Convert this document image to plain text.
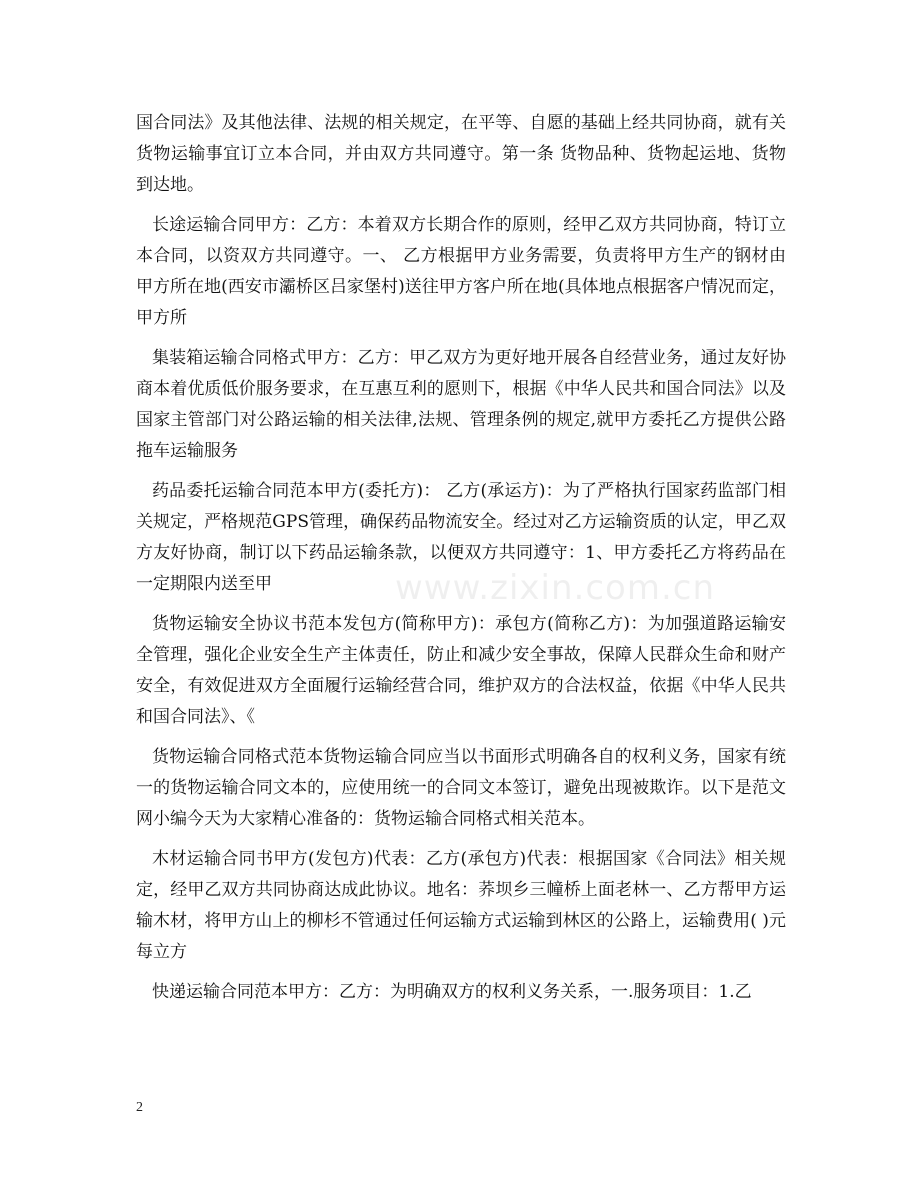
国合同法》及其他法律、法规的相关规定，在平等、自愿的基础上经共同协商，就有关货物运输事宜订立本合同，并由双方共同遵守。第一条 货物品种、货物起运地、货物到达地。

长途运输合同甲方：乙方：本着双方长期合作的原则，经甲乙双方共同协商，特订立本合同，以资双方共同遵守。一、 乙方根据甲方业务需要，负责将甲方生产的钢材由甲方所在地(西安市灞桥区吕家堡村)送往甲方客户所在地(具体地点根据客户情况而定，甲方所

集装箱运输合同格式甲方：乙方：甲乙双方为更好地开展各自经营业务，通过友好协商本着优质低价服务要求，在互惠互利的愿则下，根据《中华人民共和国合同法》以及国家主管部门对公路运输的相关法律,法规、管理条例的规定,就甲方委托乙方提供公路拖车运输服务

药品委托运输合同范本甲方(委托方)： 乙方(承运方)：为了严格执行国家药监部门相关规定，严格规范GPS管理，确保药品物流安全。经过对乙方运输资质的认定，甲乙双方友好协商，制订以下药品运输条款，以便双方共同遵守：1、甲方委托乙方将药品在一定期限内送至甲

货物运输安全协议书范本发包方(简称甲方)：承包方(简称乙方)：为加强道路运输安全管理，强化企业安全生产主体责任，防止和减少安全事故，保障人民群众生命和财产安全，有效促进双方全面履行运输经营合同，维护双方的合法权益，依据《中华人民共和国合同法》、《

货物运输合同格式范本货物运输合同应当以书面形式明确各自的权利义务，国家有统一的货物运输合同文本的，应使用统一的合同文本签订，避免出现被欺诈。以下是范文网小编今天为大家精心准备的：货物运输合同格式相关范本。

木材运输合同书甲方(发包方)代表：乙方(承包方)代表：根据国家《合同法》相关规定，经甲乙双方共同协商达成此协议。地名：荞坝乡三幢桥上面老林一、乙方帮甲方运输木材，将甲方山上的柳杉不管通过任何运输方式运输到林区的公路上，运输费用( )元 每立方

快递运输合同范本甲方：乙方：为明确双方的权利义务关系，一.服务项目：1.乙

www.zixin.com.cn
2
